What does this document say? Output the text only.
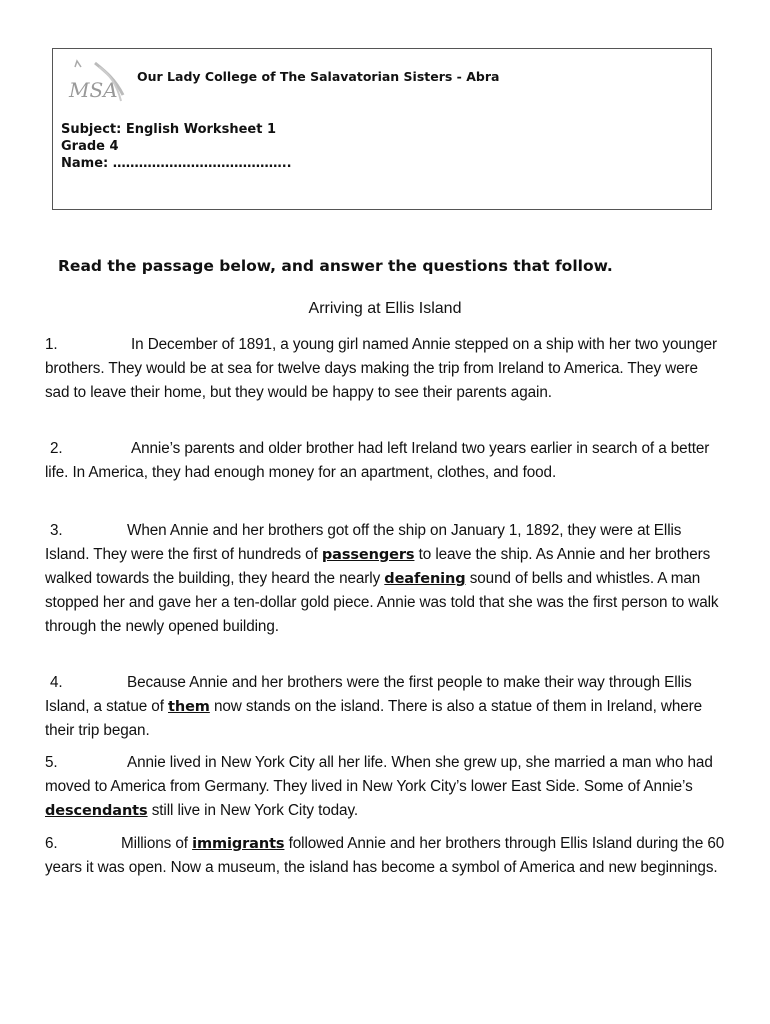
MSA
Our Lady College of The Salavatorian Sisters - Abra
Subject: English Worksheet 1
Grade 4
Name: …………………………………..
Read the passage below, and answer the questions that follow.
Arriving at Ellis Island
1.	In December of 1891, a young girl named Annie stepped on a ship with her two younger brothers. They would be at sea for twelve days making the trip from Ireland to America. They were sad to leave their home, but they would be happy to see their parents again.
2.	Annie’s parents and older brother had left Ireland two years earlier in search of a better life. In America, they had enough money for an apartment, clothes, and food.
3.	When Annie and her brothers got off the ship on January 1, 1892, they were at Ellis Island. They were the first of hundreds of passengers to leave the ship. As Annie and her brothers walked towards the building, they heard the nearly deafening sound of bells and whistles. A man stopped her and gave her a ten-dollar gold piece. Annie was told that she was the first person to walk through the newly opened building.
4.	Because Annie and her brothers were the first people to make their way through Ellis Island, a statue of them now stands on the island. There is also a statue of them in Ireland, where their trip began.
5.	Annie lived in New York City all her life. When she grew up, she married a man who had moved to America from Germany. They lived in New York City’s lower East Side. Some of Annie’s descendants still live in New York City today.
6.	Millions of immigrants followed Annie and her brothers through Ellis Island during the 60 years it was open. Now a museum, the island has become a symbol of America and new beginnings.
